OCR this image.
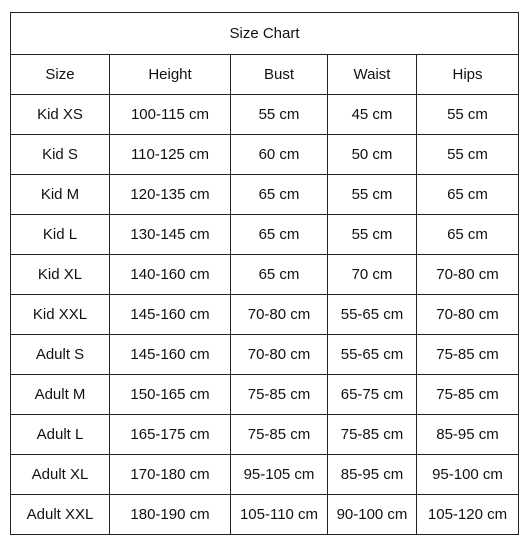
Size Chart				
Size	Height	Bust	Waist	Hips
Kid XS	100-115 cm	55 cm	45 cm	55 cm
Kid S	110-125 cm	60 cm	50 cm	55 cm
Kid M	120-135 cm	65 cm	55 cm	65 cm
Kid L	130-145 cm	65 cm	55 cm	65 cm
Kid XL	140-160 cm	65 cm	70 cm	70-80 cm
Kid XXL	145-160 cm	70-80 cm	55-65 cm	70-80 cm
Adult S	145-160 cm	70-80 cm	55-65 cm	75-85 cm
Adult M	150-165 cm	75-85 cm	65-75 cm	75-85 cm
Adult L	165-175 cm	75-85 cm	75-85 cm	85-95 cm
Adult XL	170-180 cm	95-105 cm	85-95 cm	95-100 cm
Adult XXL	180-190 cm	105-110 cm	90-100 cm	105-120 cm
